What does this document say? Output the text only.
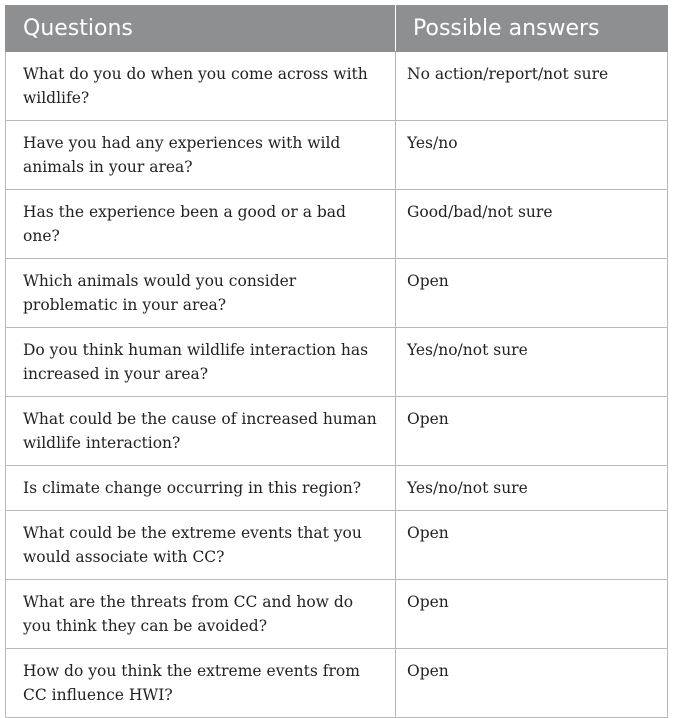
Questions	Possible answers
What do you do when you come across with wildlife?	No action/report/not sure
Have you had any experiences with wild animals in your area?	Yes/no
Has the experience been a good or a bad one?	Good/bad/not sure
Which animals would you consider problematic in your area?	Open
Do you think human wildlife interaction has increased in your area?	Yes/no/not sure
What could be the cause of increased human wildlife interaction?	Open
Is climate change occurring in this region?	Yes/no/not sure
What could be the extreme events that you would associate with CC?	Open
What are the threats from CC and how do you think they can be avoided?	Open
How do you think the extreme events from CC influence HWI?	Open
